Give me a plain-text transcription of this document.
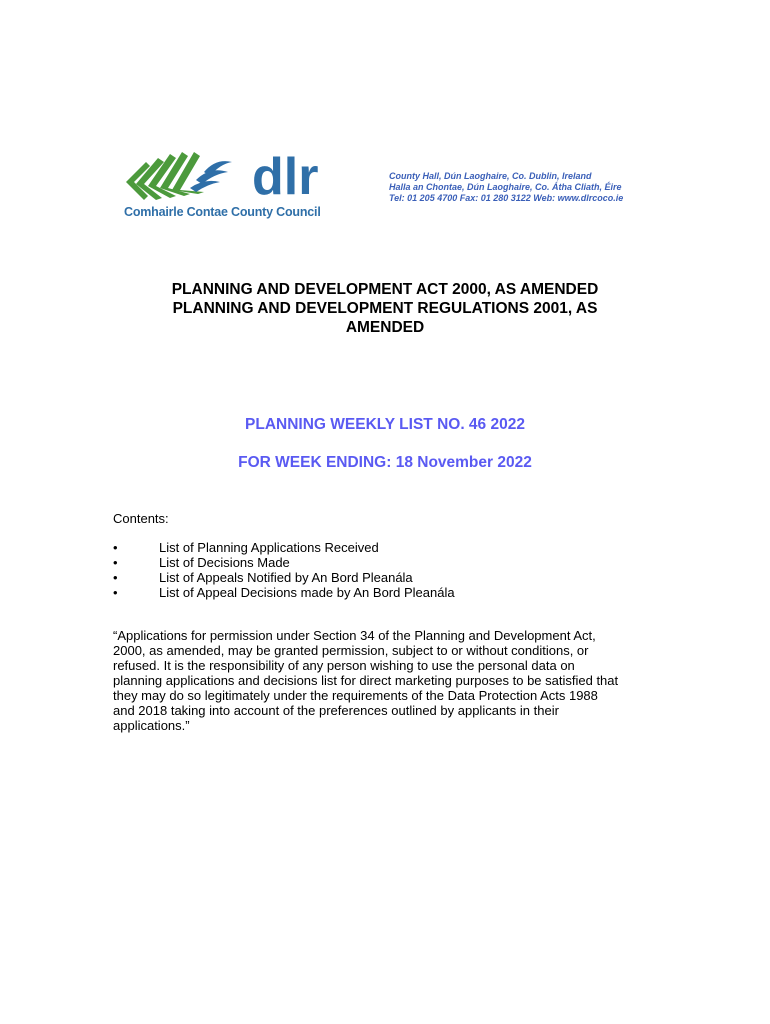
dlr
Comhairle Contae County Council
County Hall, Dún Laoghaire, Co. Dublin, Ireland
Halla an Chontae, Dún Laoghaire, Co. Átha Cliath, Éire
Tel: 01 205 4700 Fax: 01 280 3122 Web: www.dlrcoco.ie
PLANNING AND DEVELOPMENT ACT 2000, AS AMENDED
PLANNING AND DEVELOPMENT REGULATIONS 2001, AS
AMENDED
PLANNING WEEKLY LIST NO. 46 2022
FOR WEEK ENDING: 18 November 2022
Contents:
•	List of Planning Applications Received
•	List of Decisions Made
•	List of Appeals Notified by An Bord Pleanála
•	List of Appeal Decisions made by An Bord Pleanála
“Applications for permission under Section 34 of the Planning and Development Act,
2000, as amended, may be granted permission, subject to or without conditions, or
refused. It is the responsibility of any person wishing to use the personal data on
planning applications and decisions list for direct marketing purposes to be satisfied that
they may do so legitimately under the requirements of the Data Protection Acts 1988
and 2018 taking into account of the preferences outlined by applicants in their
applications.”
